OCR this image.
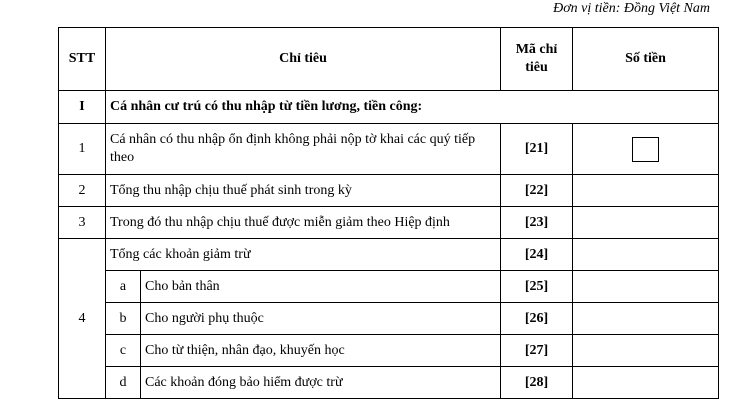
Đơn vị tiền: Đồng Việt Nam
STT	Chỉ tiêu		Mã chỉ tiêu	Số tiền
I	Cá nhân cư trú có thu nhập từ tiền lương, tiền công:			
1	Cá nhân có thu nhập ổn định không phải nộp tờ khai các quý tiếp theo		[21]	
2	Tổng thu nhập chịu thuế phát sinh trong kỳ		[22]	
3	Trong đó thu nhập chịu thuế được miễn giảm theo Hiệp định		[23]	
4	Tổng các khoản giảm trừ		[24]	
	a	Cho bản thân	[25]	
	b	Cho người phụ thuộc	[26]	
	c	Cho từ thiện, nhân đạo, khuyến học	[27]	
	d	Các khoản đóng bảo hiểm được trừ	[28]	
